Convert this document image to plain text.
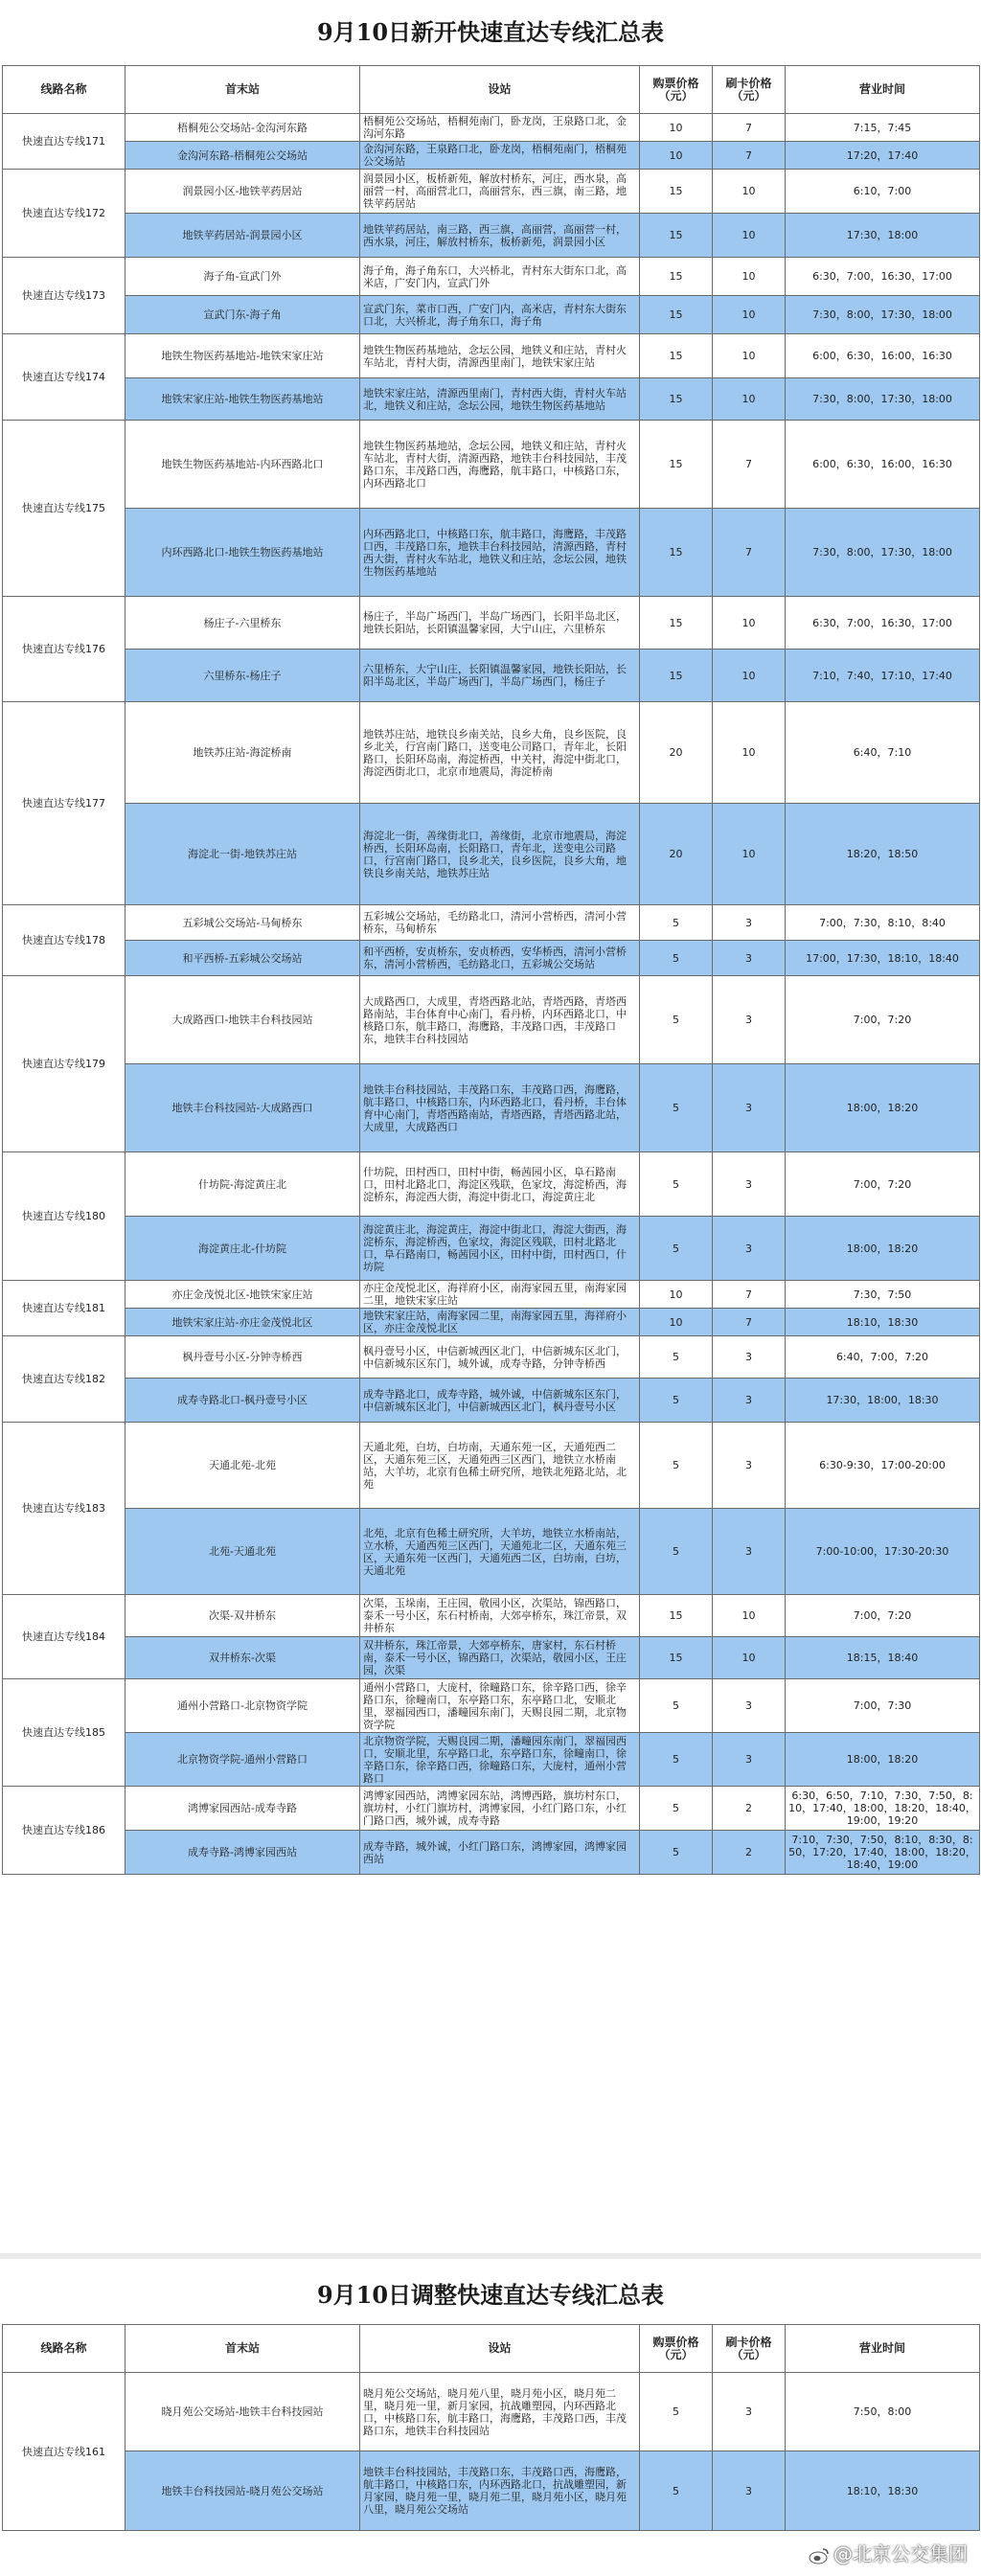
9月10日新开快速直达专线汇总表
线路名称	首末站	设站	购票价格（元）	刷卡价格（元）	营业时间
快速直达专线171	梧桐苑公交场站-金沟河东路	梧桐苑公交场站，梧桐苑南门，卧龙岗，王泉路口北，金沟河东路	10	7	7:15，7:45
	金沟河东路-梧桐苑公交场站	金沟河东路，王泉路口北，卧龙岗，梧桐苑南门，梧桐苑公交场站	10	7	17:20，17:40
快速直达专线172	润景园小区-地铁苹药居站	润景园小区，板桥新苑，解放村桥东，河庄，西水泉，高丽营一村，高丽营北口，高丽营东，西三旗，南三路，地铁苹药居站	15	10	6:10，7:00
	地铁苹药居站-润景园小区	地铁苹药居站，南三路，西三旗，高丽营，高丽营一村，西水泉，河庄，解放村桥东，板桥新苑，润景园小区	15	10	17:30，18:00
快速直达专线173	海子角-宣武门外	海子角，海子角东口，大兴桥北，青村东大街东口北，高米店，广安门内，宣武门外	15	10	6:30，7:00，16:30，17:00
	宣武门东-海子角	宣武门东，菜市口西，广安门内，高米店，青村东大街东口北，大兴桥北，海子角东口，海子角	15	10	7:30，8:00，17:30，18:00
快速直达专线174	地铁生物医药基地站-地铁宋家庄站	地铁生物医药基地站，念坛公园，地铁义和庄站，青村火车站北，青村大街，清源西里南门，地铁宋家庄站	15	10	6:00，6:30，16:00，16:30
	地铁宋家庄站-地铁生物医药基地站	地铁宋家庄站，清源西里南门，青村西大街，青村火车站北，地铁义和庄站，念坛公园，地铁生物医药基地站	15	10	7:30，8:00，17:30，18:00
快速直达专线175	地铁生物医药基地站-内环西路北口	地铁生物医药基地站，念坛公园，地铁义和庄站，青村火车站北，青村大街，清源西路，地铁丰台科技园站，丰茂路口东，丰茂路口西，海鹰路，航丰路口，中核路口东，内环西路北口	15	7	6:00，6:30，16:00，16:30
	内环西路北口-地铁生物医药基地站	内环西路北口，中核路口东，航丰路口，海鹰路，丰茂路口西，丰茂路口东，地铁丰台科技园站，清源西路，青村西大街，青村火车站北，地铁义和庄站，念坛公园，地铁生物医药基地站	15	7	7:30，8:00，17:30，18:00
快速直达专线176	杨庄子-六里桥东	杨庄子，半岛广场西门，半岛广场西门，长阳半岛北区，地铁长阳站，长阳镇温馨家园，大宁山庄，六里桥东	15	10	6:30，7:00，16:30，17:00
	六里桥东-杨庄子	六里桥东，大宁山庄，长阳镇温馨家园，地铁长阳站，长阳半岛北区，半岛广场西门，半岛广场西门，杨庄子	15	10	7:10，7:40，17:10，17:40
快速直达专线177	地铁苏庄站-海淀桥南	地铁苏庄站，地铁良乡南关站，良乡大角，良乡医院，良乡北关，行宫南门路口，送变电公司路口，青年北，长阳路口，长阳环岛南，海淀桥西，中关村，海淀中街北口，海淀西街北口，北京市地震局，海淀桥南	20	10	6:40，7:10
	海淀北一街-地铁苏庄站	海淀北一街，善缘街北口，善缘街，北京市地震局，海淀桥西，长阳环岛南，长阳路口，青年北，送变电公司路口，行宫南门路口，良乡北关，良乡医院，良乡大角，地铁良乡南关站，地铁苏庄站	20	10	18:20，18:50
快速直达专线178	五彩城公交场站-马甸桥东	五彩城公交场站，毛纺路北口，清河小营桥西，清河小营桥东，马甸桥东	5	3	7:00，7:30，8:10，8:40
	和平西桥-五彩城公交场站	和平西桥，安贞桥东，安贞桥西，安华桥西，清河小营桥东，清河小营桥西，毛纺路北口，五彩城公交场站	5	3	17:00，17:30，18:10，18:40
快速直达专线179	大成路西口-地铁丰台科技园站	大成路西口，大成里，青塔西路北站，青塔西路，青塔西路南站，丰台体育中心南门，看丹桥，内环西路北口，中核路口东，航丰路口，海鹰路，丰茂路口西，丰茂路口东，地铁丰台科技园站	5	3	7:00，7:20
	地铁丰台科技园站-大成路西口	地铁丰台科技园站，丰茂路口东，丰茂路口西，海鹰路，航丰路口，中核路口东，内环西路北口，看丹桥，丰台体育中心南门，青塔西路南站，青塔西路，青塔西路北站，大成里，大成路西口	5	3	18:00，18:20
快速直达专线180	什坊院-海淀黄庄北	什坊院，田村西口，田村中街，畅茜园小区，阜石路南口，田村北路北口，海淀区残联，色家坟，海淀桥西，海淀桥东，海淀西大街，海淀中街北口，海淀黄庄北	5	3	7:00，7:20
	海淀黄庄北-什坊院	海淀黄庄北，海淀黄庄，海淀中街北口，海淀大街西，海淀桥东，海淀桥西，色家坟，海淀区残联，田村北路北口，阜石路南口，畅茜园小区，田村中街，田村西口，什坊院	5	3	18:00，18:20
快速直达专线181	亦庄金茂悦北区-地铁宋家庄站	亦庄金茂悦北区，海祥府小区，南海家园五里，南海家园二里，地铁宋家庄站	10	7	7:30，7:50
	地铁宋家庄站-亦庄金茂悦北区	地铁宋家庄站，南海家园二里，南海家园五里，海祥府小区，亦庄金茂悦北区	10	7	18:10，18:30
快速直达专线182	枫丹壹号小区-分钟寺桥西	枫丹壹号小区，中信新城西区北门，中信新城东区北门，中信新城东区东门，城外诚，成寿寺路，分钟寺桥西	5	3	6:40，7:00，7:20
	成寿寺路北口-枫丹壹号小区	成寿寺路北口，成寿寺路，城外诚，中信新城东区东门，中信新城东区北门，中信新城西区北门，枫丹壹号小区	5	3	17:30，18:00，18:30
快速直达专线183	天通北苑-北苑	天通北苑，白坊，白坊南，天通东苑一区，天通苑西二区，天通东苑三区，天通苑西三区西门，地铁立水桥南站，大羊坊，北京有色稀土研究所，地铁北苑路北站，北苑	5	3	6:30-9:30，17:00-20:00
	北苑-天通北苑	北苑，北京有色稀土研究所，大羊坊，地铁立水桥南站，立水桥，天通西苑三区西门，天通苑北二区，天通东苑三区，天通东苑一区西门，天通苑西二区，白坊南，白坊，天通北苑	5	3	7:00-10:00，17:30-20:30
快速直达专线184	次渠-双井桥东	次渠，玉垛南，王庄园，敬园小区，次渠站，锦西路口，泰禾一号小区，东石村桥南，大郊亭桥东，珠江帝景，双井桥东	15	10	7:00，7:20
	双井桥东-次渠	双井桥东，珠江帝景，大郊亭桥东，唐家村，东石村桥南，泰禾一号小区，锦西路口，次渠站，敬园小区，王庄园，次渠	15	10	18:15，18:40
快速直达专线185	通州小营路口-北京物资学院	通州小营路口，大庞村，徐疃路口东，徐辛路口西，徐辛路口东，徐疃南口，东亭路口东，东亭路口北，安顺北里，翠福园西口，潘疃园东南门，天赐良园二期，北京物资学院	5	3	7:00，7:30
	北京物资学院-通州小营路口	北京物资学院，天赐良园二期，潘疃园东南门，翠福园西口，安顺北里，东亭路口北，东亭路口东，徐疃南口，徐辛路口东，徐辛路口西，徐疃路口东，大庞村，通州小营路口	5	3	18:00，18:20
快速直达专线186	鸿博家园西站-成寿寺路	鸿博家园西站，鸿博家园东站，鸿博西路，旗坊村东口，旗坊村，小红门旗坊村，鸿博家园，小红门路口东，小红门路口西，城外诚，成寿寺路	5	2	6:30，6:50，7:10，7:30，7:50，8:10，17:40，18:00，18:20，18:40，19:00，19:20
	成寿寺路-鸿博家园西站	成寿寺路，城外诚，小红门路口东，鸿博家园，鸿博家园西站	5	2	7:10，7:30，7:50，8:10，8:30，8:50，17:20，17:40，18:00，18:20，18:40，19:00
9月10日调整快速直达专线汇总表
线路名称	首末站	设站	购票价格（元）	刷卡价格（元）	营业时间
快速直达专线161	晓月苑公交场站-地铁丰台科技园站	晓月苑公交场站，晓月苑八里，晓月苑小区，晓月苑二里，晓月苑一里，新月家园，抗战雕塑园，内环西路北口，中核路口东，航丰路口，海鹰路，丰茂路口西，丰茂路口东，地铁丰台科技园站	5	3	7:50，8:00
	地铁丰台科技园站-晓月苑公交场站	地铁丰台科技园站，丰茂路口东，丰茂路口西，海鹰路，航丰路口，中核路口东，内环西路北口，抗战雕塑园，新月家园，晓月苑一里，晓月苑二里，晓月苑小区，晓月苑八里，晓月苑公交场站	5	3	18:10，18:30
@北京公交集团
